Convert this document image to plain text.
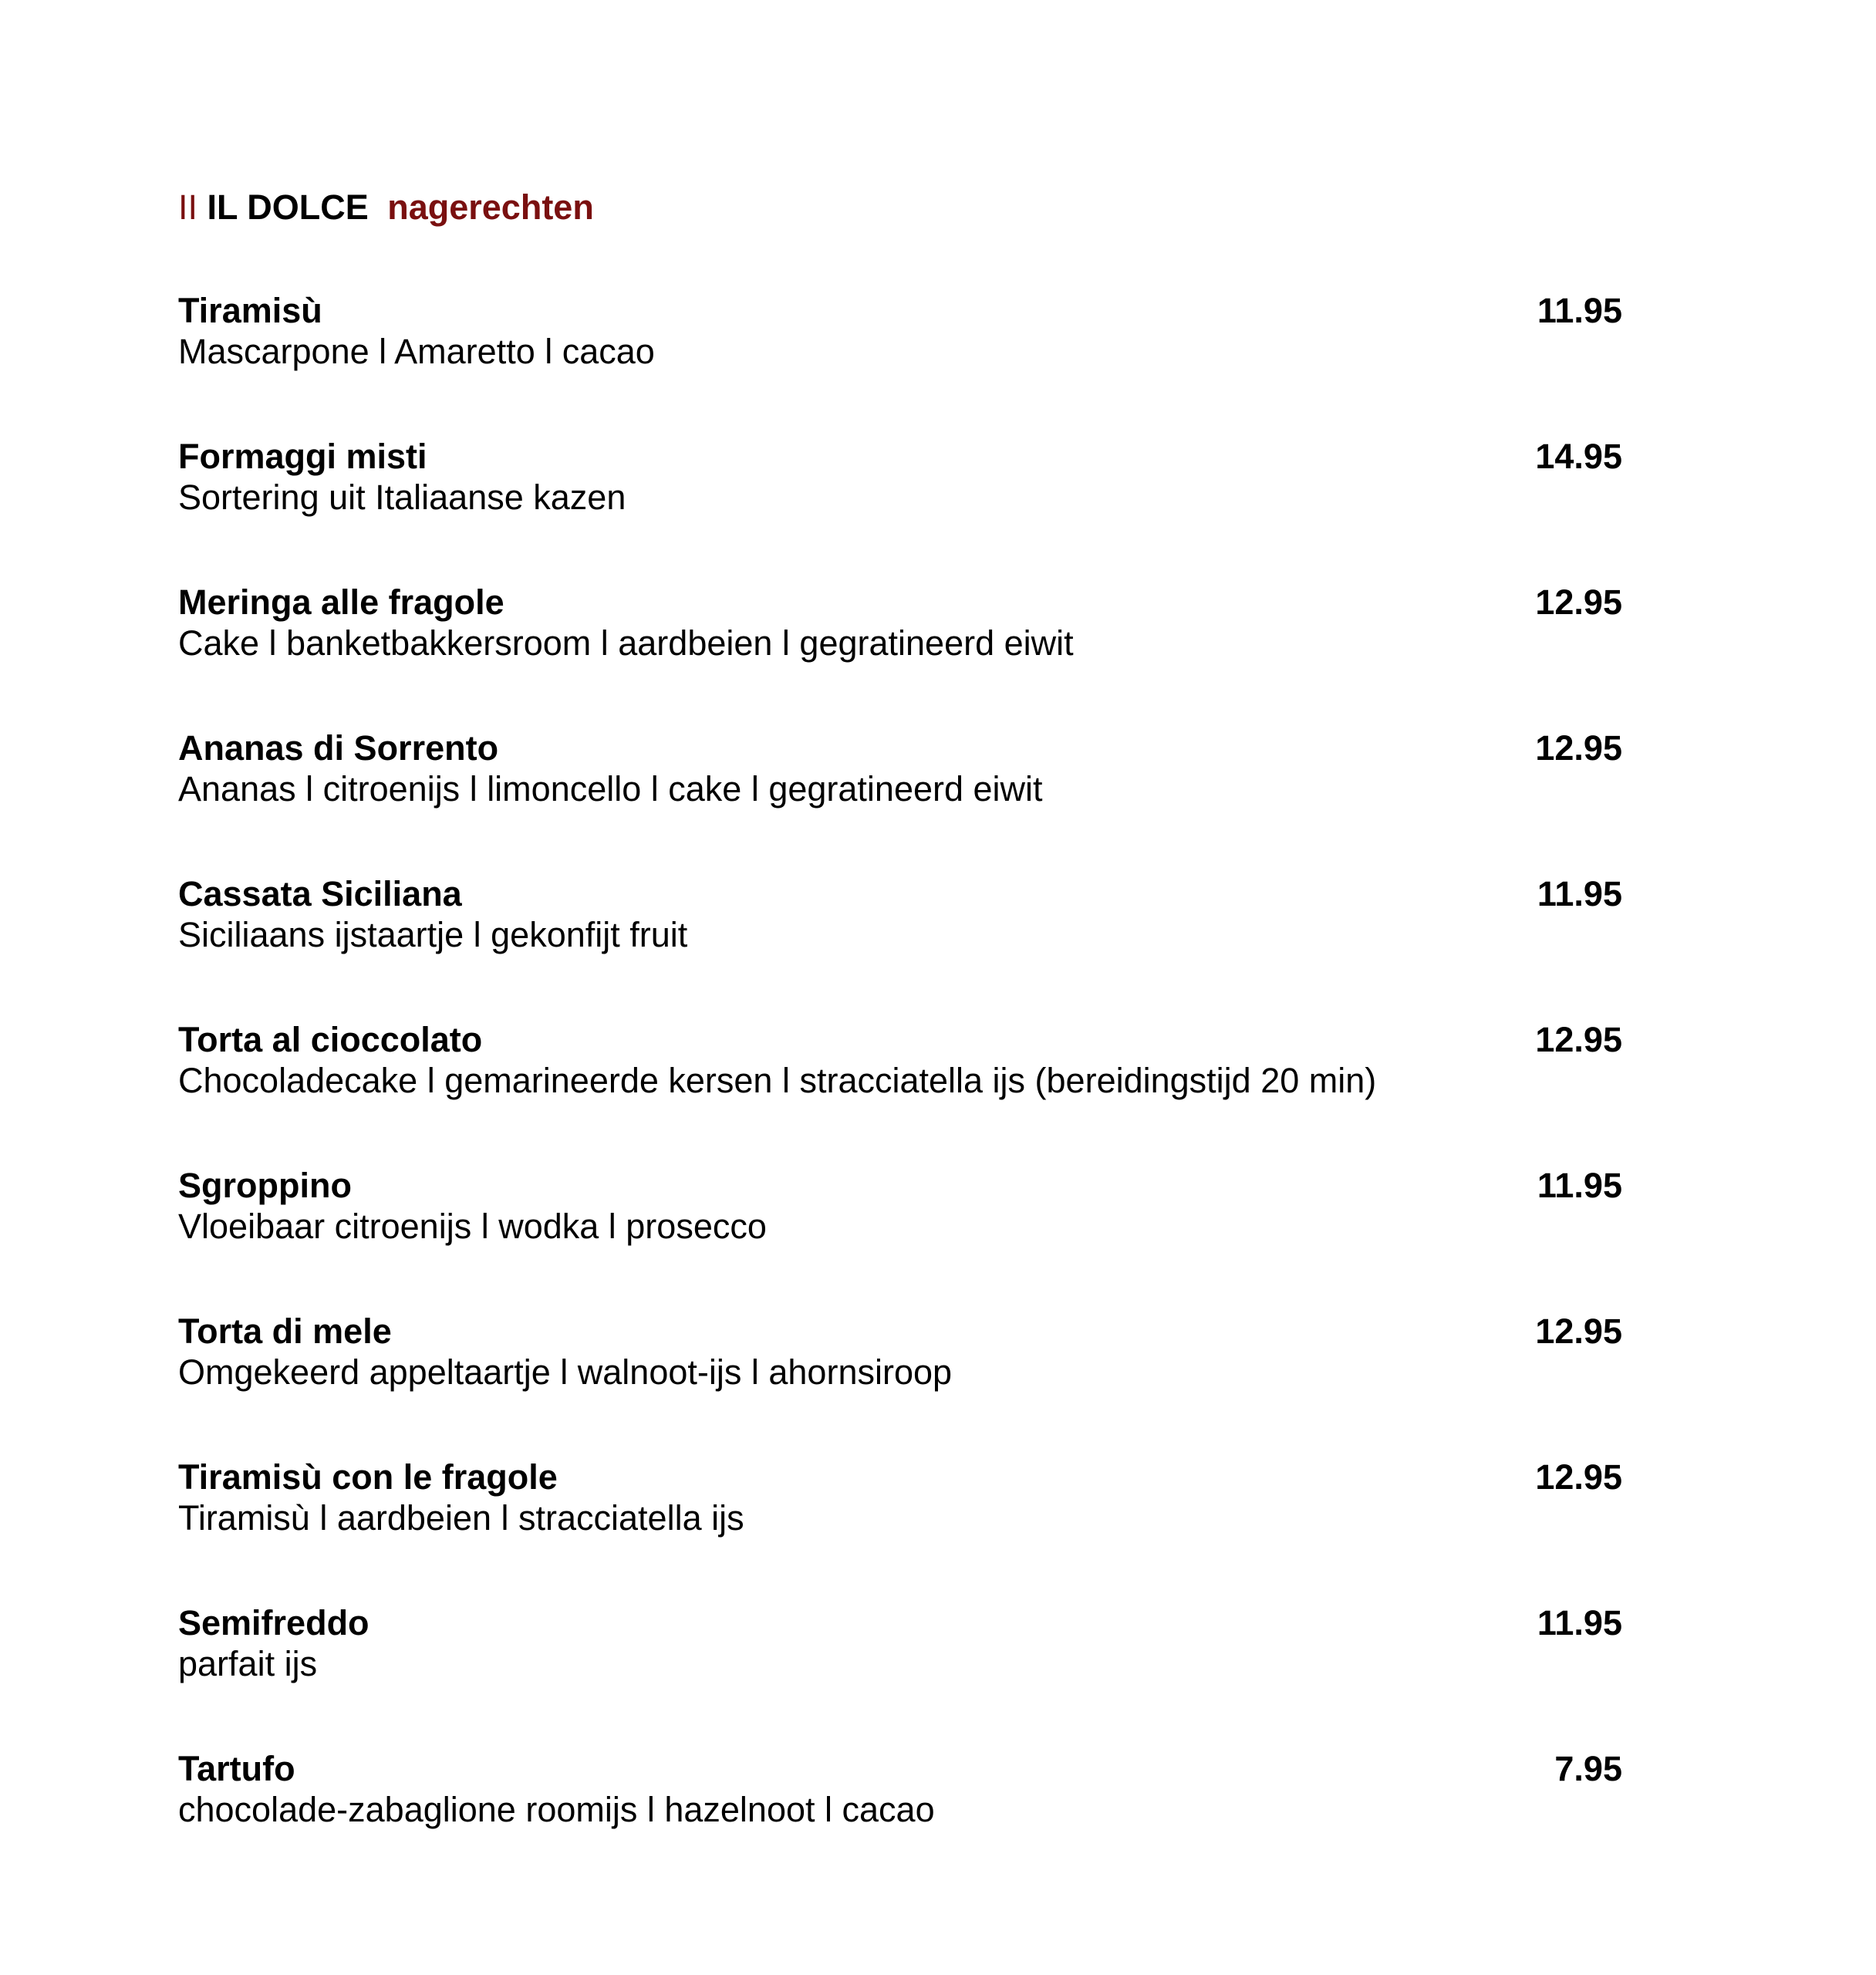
II IL DOLCE nagerechten
Tiramisù	11.95
Mascarpone l Amaretto l cacao
Formaggi misti	14.95
Sortering uit Italiaanse kazen
Meringa alle fragole	12.95
Cake l banketbakkersroom l aardbeien l gegratineerd eiwit
Ananas di Sorrento	12.95
Ananas l citroenijs l limoncello l cake l gegratineerd eiwit
Cassata Siciliana	11.95
Siciliaans ijstaartje l gekonfijt fruit
Torta al cioccolato	12.95
Chocoladecake l gemarineerde kersen l stracciatella ijs (bereidingstijd 20 min)
Sgroppino	11.95
Vloeibaar citroenijs l wodka l prosecco
Torta di mele	12.95
Omgekeerd appeltaartje l walnoot-ijs l ahornsiroop
Tiramisù con le fragole	12.95
Tiramisù l aardbeien l stracciatella ijs
Semifreddo	11.95
parfait ijs
Tartufo	7.95
chocolade-zabaglione roomijs l hazelnoot l cacao
